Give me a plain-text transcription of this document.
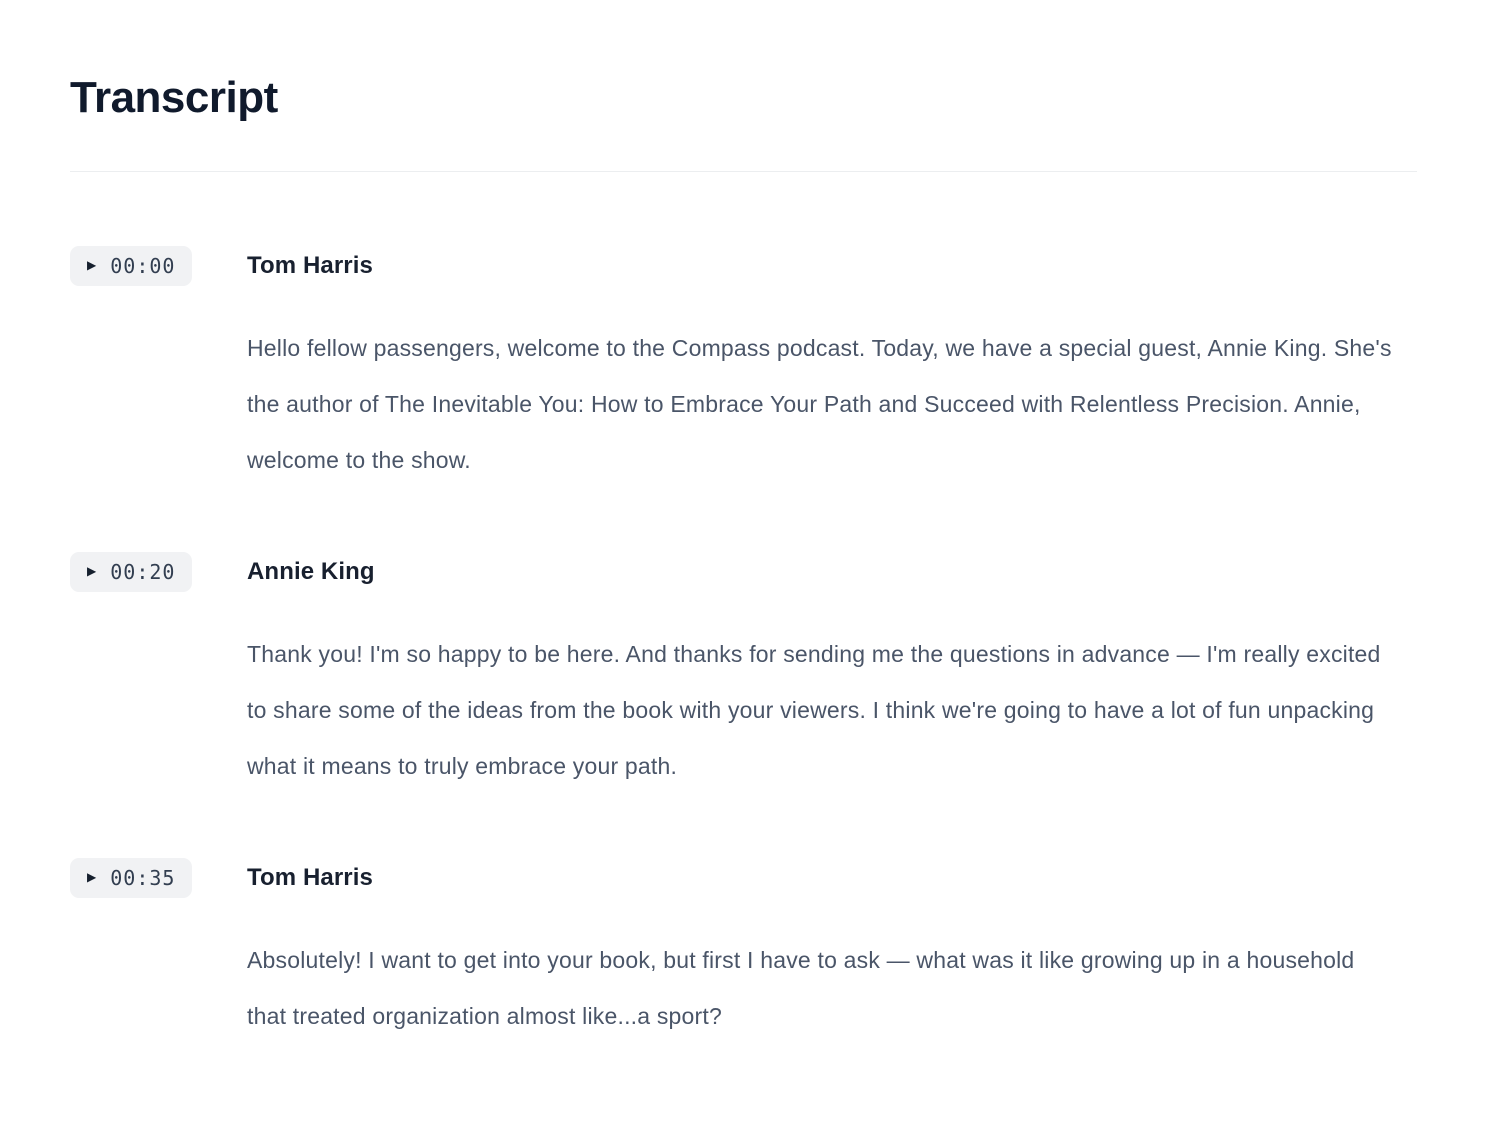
Transcript
▶ 00:00	Tom Harris

Hello fellow passengers, welcome to the Compass podcast. Today, we have a special guest, Annie King. She's the author of The Inevitable You: How to Embrace Your Path and Succeed with Relentless Precision. Annie, welcome to the show.

▶ 00:20	Annie King

Thank you! I'm so happy to be here. And thanks for sending me the questions in advance — I'm really excited to share some of the ideas from the book with your viewers. I think we're going to have a lot of fun unpacking what it means to truly embrace your path.

▶ 00:35	Tom Harris

Absolutely! I want to get into your book, but first I have to ask — what was it like growing up in a household that treated organization almost like...a sport?
